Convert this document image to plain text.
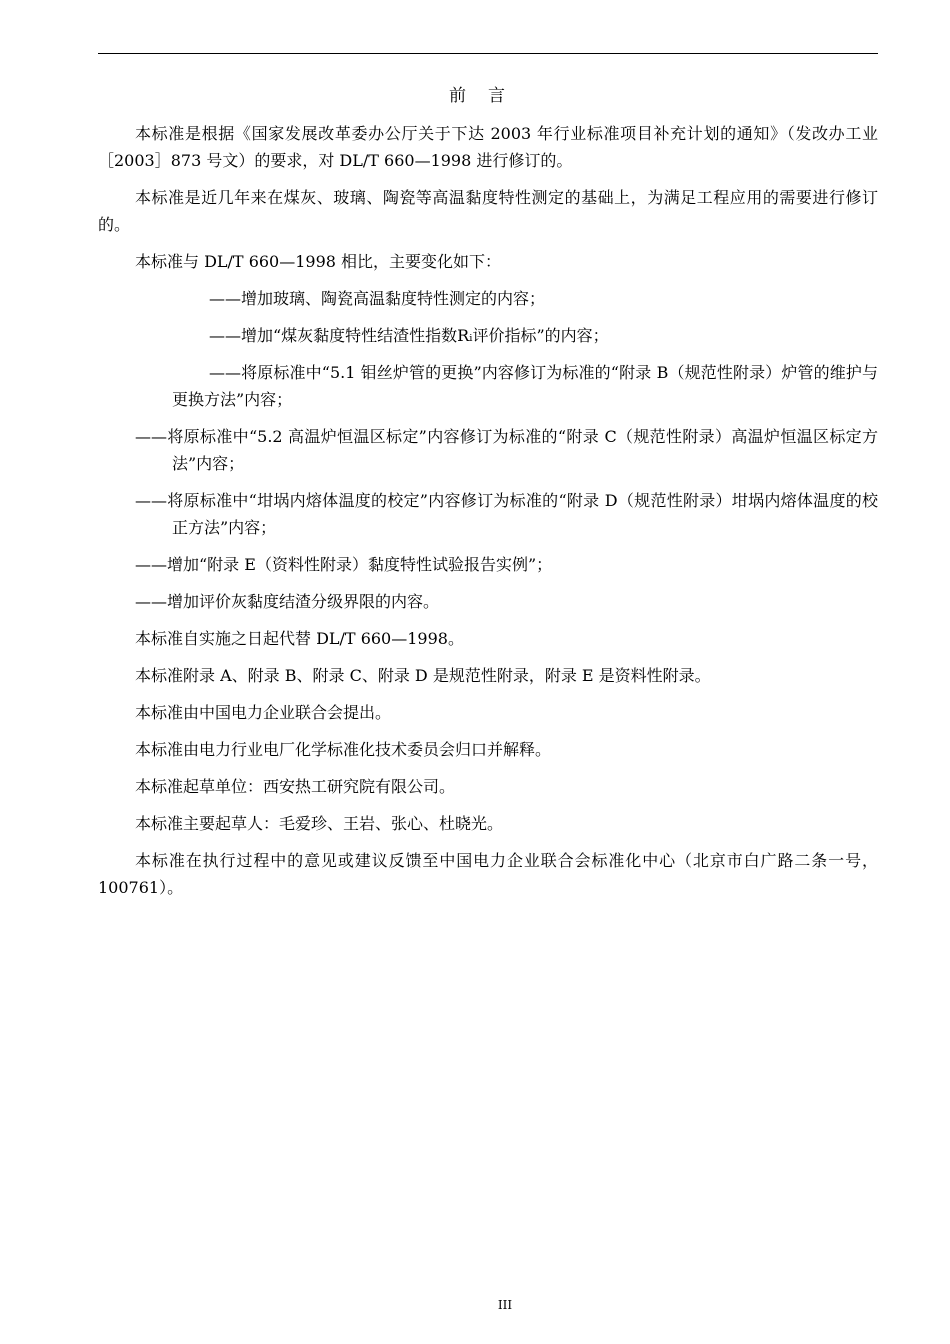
前言

本标准是根据《国家发展改革委办公厅关于下达 2003 年行业标准项目补充计划的通知》（发改办工业［2003］873 号文）的要求，对 DL/T 660—1998 进行修订的。

本标准是近几年来在煤灰、玻璃、陶瓷等高温黏度特性测定的基础上，为满足工程应用的需要进行修订的。

本标准与 DL/T 660—1998 相比，主要变化如下：

——增加玻璃、陶瓷高温黏度特性测定的内容；

——增加“煤灰黏度特性结渣性指数Rᵢ评价指标”的内容；

——将原标准中“5.1 钼丝炉管的更换”内容修订为标准的“附录 B（规范性附录）炉管的维护与更换方法”内容；

——将原标准中“5.2 高温炉恒温区标定”内容修订为标准的“附录 C（规范性附录）高温炉恒温区标定方法”内容；

——将原标准中“坩埚内熔体温度的校定”内容修订为标准的“附录 D（规范性附录）坩埚内熔体温度的校正方法”内容；

——增加“附录 E（资料性附录）黏度特性试验报告实例”；

——增加评价灰黏度结渣分级界限的内容。

本标准自实施之日起代替 DL/T 660—1998。

本标准附录 A、附录 B、附录 C、附录 D 是规范性附录，附录 E 是资料性附录。

本标准由中国电力企业联合会提出。

本标准由电力行业电厂化学标准化技术委员会归口并解释。

本标准起草单位：西安热工研究院有限公司。

本标准主要起草人：毛爱珍、王岩、张心、杜晓光。

本标准在执行过程中的意见或建议反馈至中国电力企业联合会标准化中心（北京市白广路二条一号，100761）。

III
